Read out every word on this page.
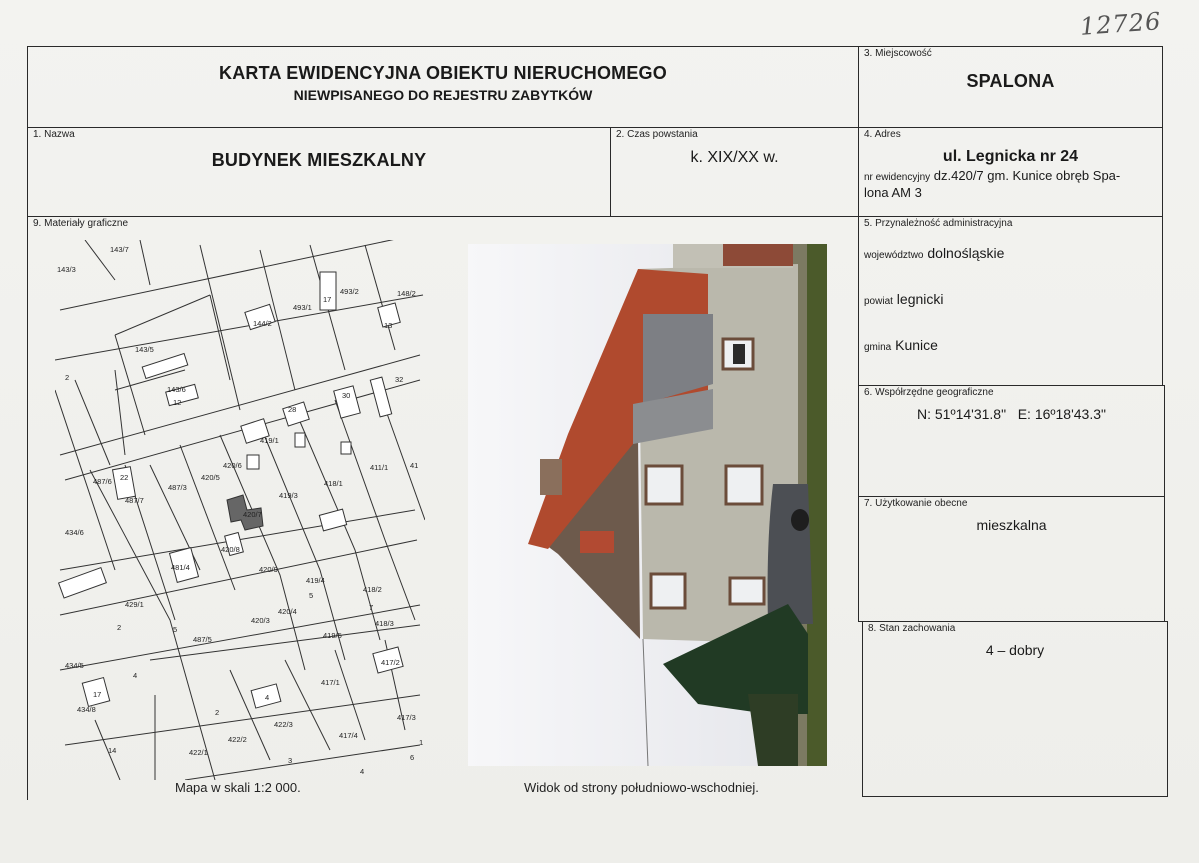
12726
KARTA EWIDENCYJNA OBIEKTU NIERUCHOMEGO
NIEWPISANEGO DO REJESTRU ZABYTKÓW
3. Miejscowość
SPALONA
1. Nazwa
BUDYNEK MIESZKALNY
2. Czas powstania
k. XIX/XX w.
4. Adres
ul. Legnicka nr 24
nr ewidencyjny dz.420/7 gm. Kunice obręb Spa-
lona AM 3
9. Materiały graficzne
143/3
143/7
493/2
493/1
17
148/2
144/2	13
143/5
143/6
12
2	32
30
28
419/1
420/6	411/1	41
487/6 22
487/7
487/3
420/5
418/1
419/3
420/7
434/6
420/8
481/4	420/9
419/4
5
418/2
7
429/1
2	5
487/5
420/3
420/4
419/5
418/3
434/5	417/2
4
417/1
17
434/8
4
2
422/3
417/3
422/2	417/4
14	422/1
3
4
6
1
Mapa w skali 1:2 000.	Widok od strony południowo-wschodniej.
5. Przynależność administracyjna
województwo dolnośląskie
powiat legnicki
gmina Kunice
6. Współrzędne geograficzne
N: 51º14'31.8"   E: 16º18'43.3"
7. Użytkowanie obecne
mieszkalna
8. Stan zachowania
4 – dobry
